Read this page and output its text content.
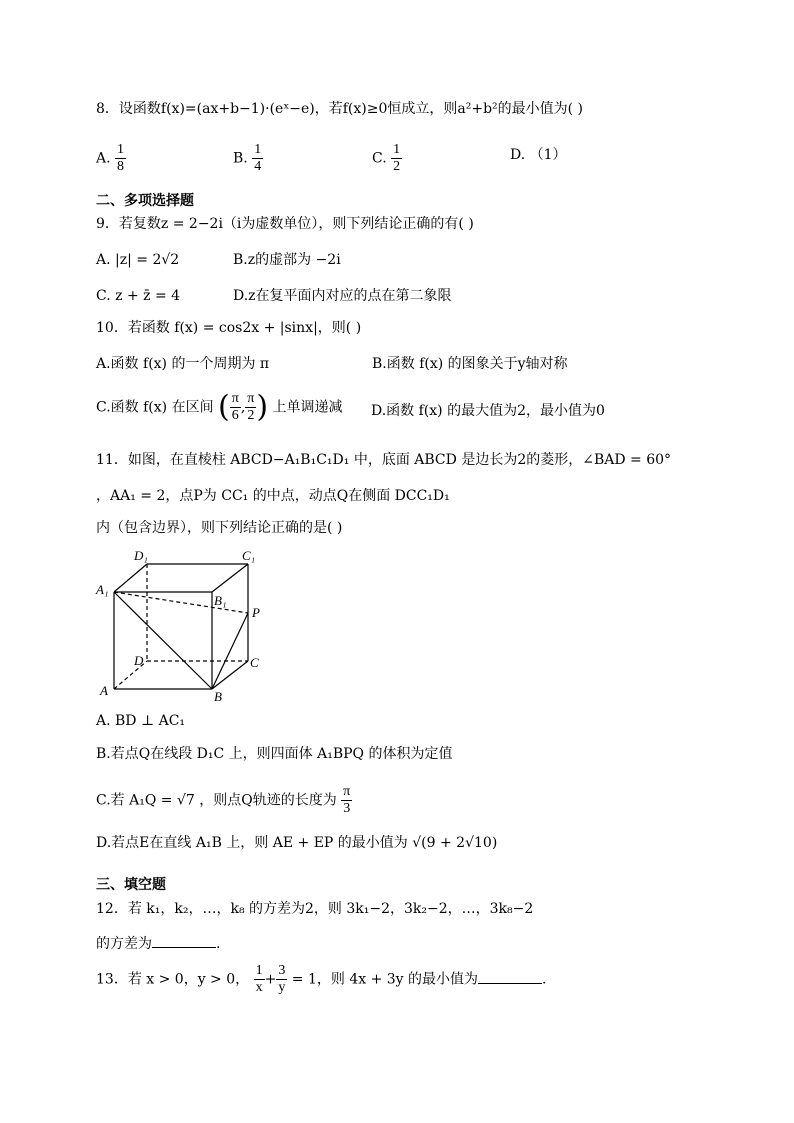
8．设函数f(x)=(ax+b−1)·(eˣ−e)，若f(x)≥0恒成立，则a²+b²的最小值为( )
A. $\frac{1}{8}$	B. $\frac{1}{4}$	C. $\frac{1}{2}$	D. （1）
二、多项选择题
9．若复数z = 2−2i（i为虚数单位），则下列结论正确的有( )
A. |z| = 2√2	B.z的虚部为 −2i
C. z + z̄ = 4	D.z在复平面内对应的点在第二象限
10．若函数 f(x) = cos2x + |sinx|，则( )
A.函数 f(x) 的一个周期为 π	B.函数 f(x) 的图象关于y轴对称
C.函数 f(x) 在区间 ( $\frac{\pi}{6}$ , $\frac{\pi}{2}$ ) 上单调递减 D.函数 f(x) 的最大值为2，最小值为0
11．如图，在直棱柱 ABCD−A₁B₁C₁D₁ 中，底面 ABCD 是边长为2的菱形，∠BAD = 60°
，AA₁ = 2，点P为 CC₁ 的中点，动点Q在侧面 DCC₁D₁
内（包含边界），则下列结论正确的是( )
D₁	C₁
A₁
B₁
P
D	C
A	B
A. BD ⊥ AC₁
B.若点Q在线段 D₁C 上，则四面体 A₁BPQ 的体积为定值
C.若 A₁Q = √7 ，则点Q轨迹的长度为 $\frac{\pi}{3}$
D.若点E在直线 A₁B 上，则 AE + EP 的最小值为 √(9 + 2√10)
三、填空题
12．若 k₁，k₂，…，k₈ 的方差为2，则 3k₁−2，3k₂−2，…，3k₈−2
的方差为	.
13．若 x > 0，y > 0， $\frac{1}{x} + \frac{3}{y} = 1$，则 4x + 3y 的最小值为	.
